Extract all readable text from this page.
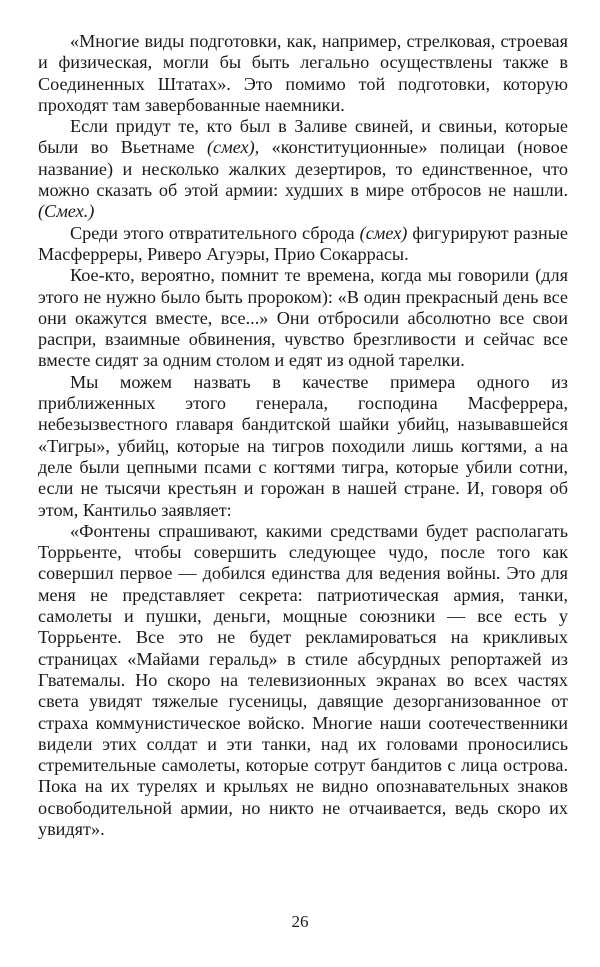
«Многие виды подготовки, как, например, стрелковая, строевая и физическая, могли бы быть легально осуществлены также в Соединенных Штатах». Это помимо той подготовки, которую проходят там завербованные наемники.

Если придут те, кто был в Заливе свиней, и свиньи, которые были во Вьетнаме (смех), «конституционные» полицаи (новое название) и несколько жалких дезертиров, то единственное, что можно сказать об этой армии: худших в мире отбросов не нашли. (Смех.)

Среди этого отвратительного сброда (смех) фигурируют разные Масферреры, Риверо Агуэры, Прио Сокаррасы.

Кое-кто, вероятно, помнит те времена, когда мы говорили (для этого не нужно было быть пророком): «В один прекрасный день все они окажутся вместе, все...» Они отбросили абсолютно все свои распри, взаимные обвинения, чувство брезгливости и сейчас все вместе сидят за одним столом и едят из одной тарелки.

Мы можем назвать в качестве примера одного из приближенных этого генерала, господина Масферрера, небезызвестного главаря бандитской шайки убийц, называвшейся «Тигры», убийц, которые на тигров походили лишь когтями, а на деле были цепными псами с когтями тигра, которые убили сотни, если не тысячи крестьян и горожан в нашей стране. И, говоря об этом, Кантильо заявляет:

«Фонтены спрашивают, какими средствами будет располагать Торрьенте, чтобы совершить следующее чудо, после того как совершил первое — добился единства для ведения войны. Это для меня не представляет секрета: патриотическая армия, танки, самолеты и пушки, деньги, мощные союзники — все есть у Торрьенте. Все это не будет рекламироваться на крикливых страницах «Майами геральд» в стиле абсурдных репортажей из Гватемалы. Но скоро на телевизионных экранах во всех частях света увидят тяжелые гусеницы, давящие дезорганизованное от страха коммунистическое войско. Многие наши соотечественники видели этих солдат и эти танки, над их головами проносились стремительные самолеты, которые сотрут бандитов с лица острова. Пока на их турелях и крыльях не видно опознавательных знаков освободительной армии, но никто не отчаивается, ведь скоро их увидят».

26
